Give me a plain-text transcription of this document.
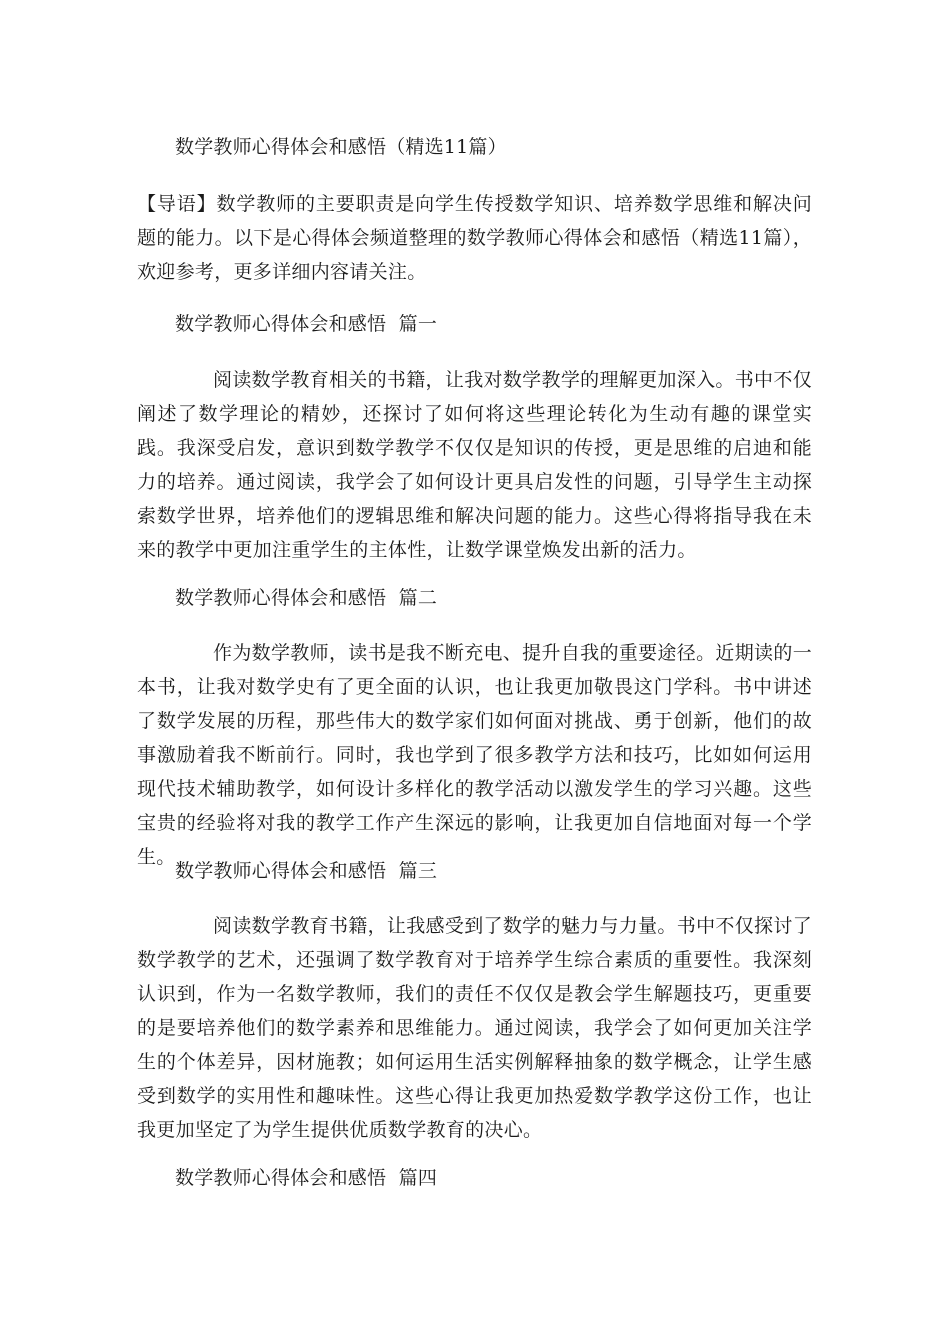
数学教师心得体会和感悟（精选11篇）
【导语】数学教师的主要职责是向学生传授数学知识、培养数学思维和解决问题的能力。以下是心得体会频道整理的数学教师心得体会和感悟（精选11篇），欢迎参考，更多详细内容请关注。
数学教师心得体会和感悟  篇一
阅读数学教育相关的书籍，让我对数学教学的理解更加深入。书中不仅阐述了数学理论的精妙，还探讨了如何将这些理论转化为生动有趣的课堂实践。我深受启发，意识到数学教学不仅仅是知识的传授，更是思维的启迪和能力的培养。通过阅读，我学会了如何设计更具启发性的问题，引导学生主动探索数学世界，培养他们的逻辑思维和解决问题的能力。这些心得将指导我在未来的教学中更加注重学生的主体性，让数学课堂焕发出新的活力。
数学教师心得体会和感悟  篇二
作为数学教师，读书是我不断充电、提升自我的重要途径。近期读的一本书，让我对数学史有了更全面的认识，也让我更加敬畏这门学科。书中讲述了数学发展的历程，那些伟大的数学家们如何面对挑战、勇于创新，他们的故事激励着我不断前行。同时，我也学到了很多教学方法和技巧，比如如何运用现代技术辅助教学，如何设计多样化的教学活动以激发学生的学习兴趣。这些宝贵的经验将对我的教学工作产生深远的影响，让我更加自信地面对每一个学生。
数学教师心得体会和感悟  篇三
阅读数学教育书籍，让我感受到了数学的魅力与力量。书中不仅探讨了数学教学的艺术，还强调了数学教育对于培养学生综合素质的重要性。我深刻认识到，作为一名数学教师，我们的责任不仅仅是教会学生解题技巧，更重要的是要培养他们的数学素养和思维能力。通过阅读，我学会了如何更加关注学生的个体差异，因材施教；如何运用生活实例解释抽象的数学概念，让学生感受到数学的实用性和趣味性。这些心得让我更加热爱数学教学这份工作，也让我更加坚定了为学生提供优质数学教育的决心。
数学教师心得体会和感悟  篇四
